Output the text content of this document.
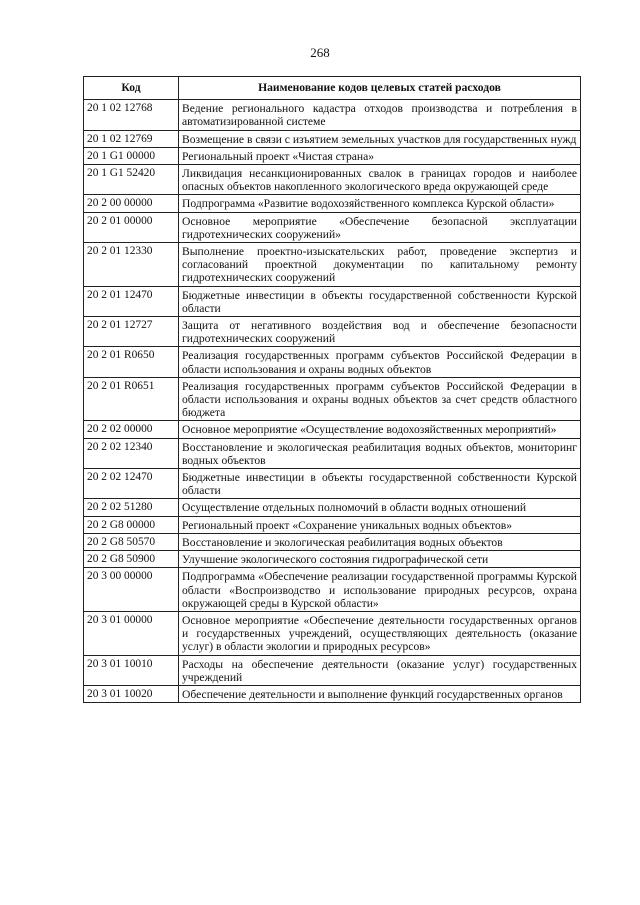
268
Код	Наименование кодов целевых статей расходов
20 1 02 12768	Ведение регионального кадастра отходов производства и потребления в автоматизированной системе
20 1 02 12769	Возмещение в связи с изъятием земельных участков для государственных нужд
20 1 G1 00000	Региональный проект «Чистая страна»
20 1 G1 52420	Ликвидация несанкционированных свалок в границах городов и наиболее опасных объектов накопленного экологического вреда окружающей среде
20 2 00 00000	Подпрограмма «Развитие водохозяйственного комплекса Курской области»
20 2 01 00000	Основное мероприятие «Обеспечение безопасной эксплуатации гидротехнических сооружений»
20 2 01 12330	Выполнение проектно-изыскательских работ, проведение экспертиз и согласований проектной документации по капитальному ремонту гидротехнических сооружений
20 2 01 12470	Бюджетные инвестиции в объекты государственной собственности Курской области
20 2 01 12727	Защита от негативного воздействия вод и обеспечение безопасности гидротехнических сооружений
20 2 01 R0650	Реализация государственных программ субъектов Российской Федерации в области использования и охраны водных объектов
20 2 01 R0651	Реализация государственных программ субъектов Российской Федерации в области использования и охраны водных объектов за счет средств областного бюджета
20 2 02 00000	Основное мероприятие «Осуществление водохозяйственных мероприятий»
20 2 02 12340	Восстановление и экологическая реабилитация водных объектов, мониторинг водных объектов
20 2 02 12470	Бюджетные инвестиции в объекты государственной собственности Курской области
20 2 02 51280	Осуществление отдельных полномочий в области водных отношений
20 2 G8 00000	Региональный проект «Сохранение уникальных водных объектов»
20 2 G8 50570	Восстановление и экологическая реабилитация водных объектов
20 2 G8 50900	Улучшение экологического состояния гидрографической сети
20 3 00 00000	Подпрограмма «Обеспечение реализации государственной программы Курской области «Воспроизводство и использование природных ресурсов, охрана окружающей среды в Курской области»
20 3 01 00000	Основное мероприятие «Обеспечение деятельности государственных органов и государственных учреждений, осуществляющих деятельность (оказание услуг) в области экологии и природных ресурсов»
20 3 01 10010	Расходы на обеспечение деятельности (оказание услуг) государственных учреждений
20 3 01 10020	Обеспечение деятельности и выполнение функций государственных органов
